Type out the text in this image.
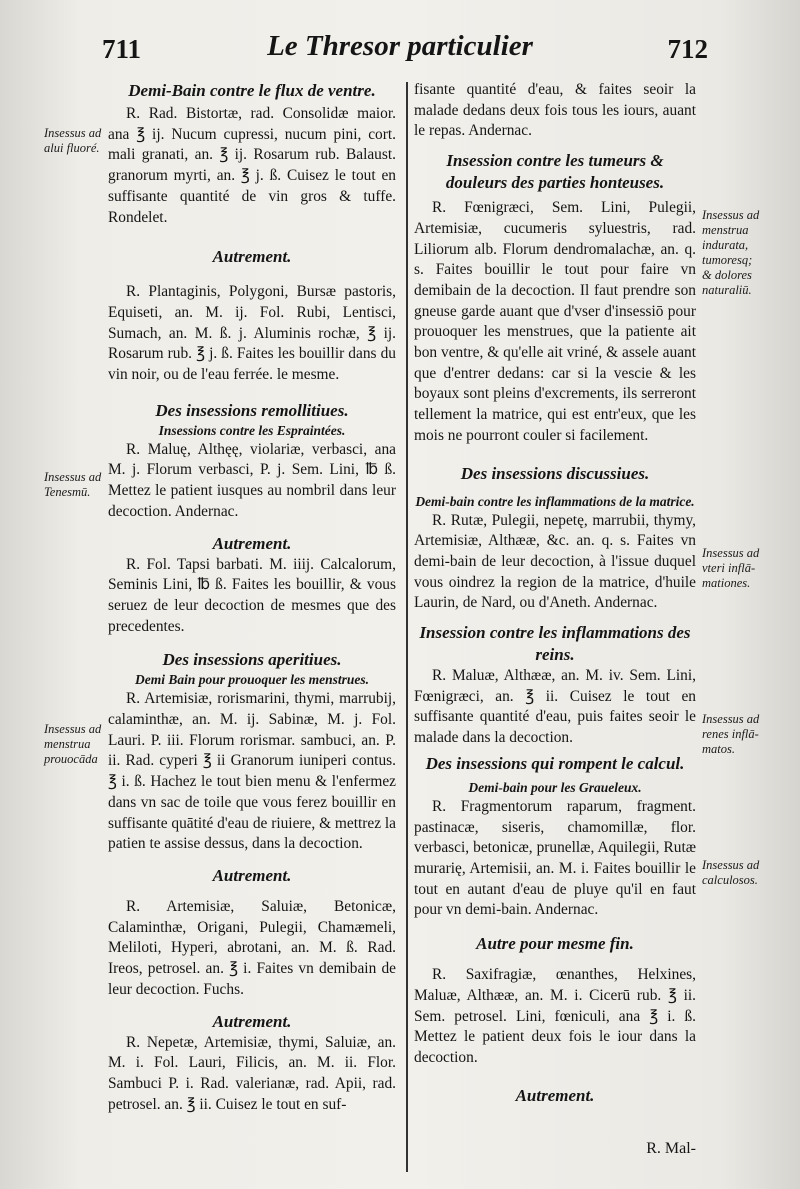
711	Le Thresor particulier	712
Demi-Bain contre le flux de ventre.

R. Rad. Bistortæ, rad. Consolidæ maior. ana ℥ ij. Nucum cupressi, nucum pini, cort. mali granati, an. ℥ ij. Rosarum rub. Balaust. granorum myrti, an. ℥ j. ß. Cuisez le tout en suffisante quantité de vin gros & tuffe. Rondelet.

Autrement.

R. Plantaginis, Polygoni, Bursæ pastoris, Equiseti, an. M. ij. Fol. Rubi, Lentisci, Sumach, an. M. ß. j. Aluminis rochæ, ℥ ij. Rosarum rub. ℥ j. ß. Faites les bouillir dans du vin noir, ou de l'eau ferrée. le mesme.

Des insessions remollitiues.
Insessions contre les Espraintées.

R. Maluę, Althęę, violariæ, verbasci, ana M. j. Florum verbasci, P. j. Sem. Lini, ℔ ß. Mettez le patient iusques au nombril dans leur decoction. Andernac.

Autrement.

R. Fol. Tapsi barbati. M. iiij. Calcalorum, Seminis Lini, ℔ ß. Faites les bouillir, & vous seruez de leur decoction de mesmes que des precedentes.

Des insessions aperitiues.
Demi Bain pour prouoquer les menstrues.

R. Artemisiæ, rorismarini, thymi, marrubij, calaminthæ, an. M. ij. Sabinæ, M. j. Fol. Lauri. P. iii. Florum rorismar. sambuci, an. P. ii. Rad. cyperi ℥ ii Granorum iuniperi contus. ℥ i. ß. Hachez le tout bien menu & l'enfermez dans vn sac de toile que vous ferez bouillir en suffisante quātité d'eau de riuiere, & mettrez la patien te assise dessus, dans la decoction.

Autrement.

R. Artemisiæ, Saluiæ, Betonicæ, Calaminthæ, Origani, Pulegii, Chamæmeli, Meliloti, Hyperi, abrotani, an. M. ß. Rad. Ireos, petrosel. an. ℥ i. Faites vn demibain de leur decoction. Fuchs.

Autrement.

R. Nepetæ, Artemisiæ, thymi, Saluiæ, an. M. i. Fol. Lauri, Filicis, an. M. ii. Flor. Sambuci P. i. Rad. valerianæ, rad. Apii, rad. petrosel. an. ℥ ii. Cuisez le tout en suf-

fisante quantité d'eau, & faites seoir la malade dedans deux fois tous les iours, auant le repas. Andernac.

Insession contre les tumeurs & douleurs des parties honteuses.

R. Fœnigræci, Sem. Lini, Pulegii, Artemisiæ, cucumeris syluestris, rad. Liliorum alb. Florum dendromalachæ, an. q. s. Faites bouillir le tout pour faire vn demibain de la decoction. Il faut prendre son gneuse garde auant que d'vser d'insessiō pour prouoquer les menstrues, que la patiente ait bon ventre, & qu'elle ait vriné, & assele auant que d'entrer dedans: car si la vescie & les boyaux sont pleins d'excrements, ils serreront tellement la matrice, qui est entr'eux, que les mois ne pourront couler si facilement.

Des insessions discussiues.
Demi-bain contre les inflammations de la matrice.

R. Rutæ, Pulegii, nepetę, marrubii, thymy, Artemisiæ, Althææ, &c. an. q. s. Faites vn demi-bain de leur decoction, à l'issue duquel vous oindrez la region de la matrice, d'huile Laurin, de Nard, ou d'Aneth. Andernac.

Insession contre les inflammations des reins.

R. Maluæ, Althææ, an. M. iv. Sem. Lini, Fœnigræci, an. ℥ ii. Cuisez le tout en suffisante quantité d'eau, puis faites seoir le malade dans la decoction.

Des insessions qui rompent le calcul.
Demi-bain pour les Graueleux.

R. Fragmentorum raparum, fragment. pastinacæ, siseris, chamomillæ, flor. verbasci, betonicæ, prunellæ, Aquilegii, Rutæ murarię, Artemisii, an. M. i. Faites bouillir le tout en autant d'eau de pluye qu'il en faut pour vn demi-bain. Andernac.

Autre pour mesme fin.

R. Saxifragiæ, œnanthes, Helxines, Maluæ, Althææ, an. M. i. Cicerū rub. ℥ ii. Sem. petrosel. Lini, fœniculi, ana ℥ i. ß. Mettez le patient deux fois le iour dans la decoction.

Autrement.
Insessus ad
alui fluoré.
Insessus ad
Tenesmū.
Insessus ad
menstrua
prouocāda
Insessus ad
menstrua
indurata,
tumoresq;
& dolores
naturaliū.
Insessus ad
vteri inflā-
mationes.
Insessus ad
renes inflā-
matos.
Insessus ad
calculosos.
R. Mal-
